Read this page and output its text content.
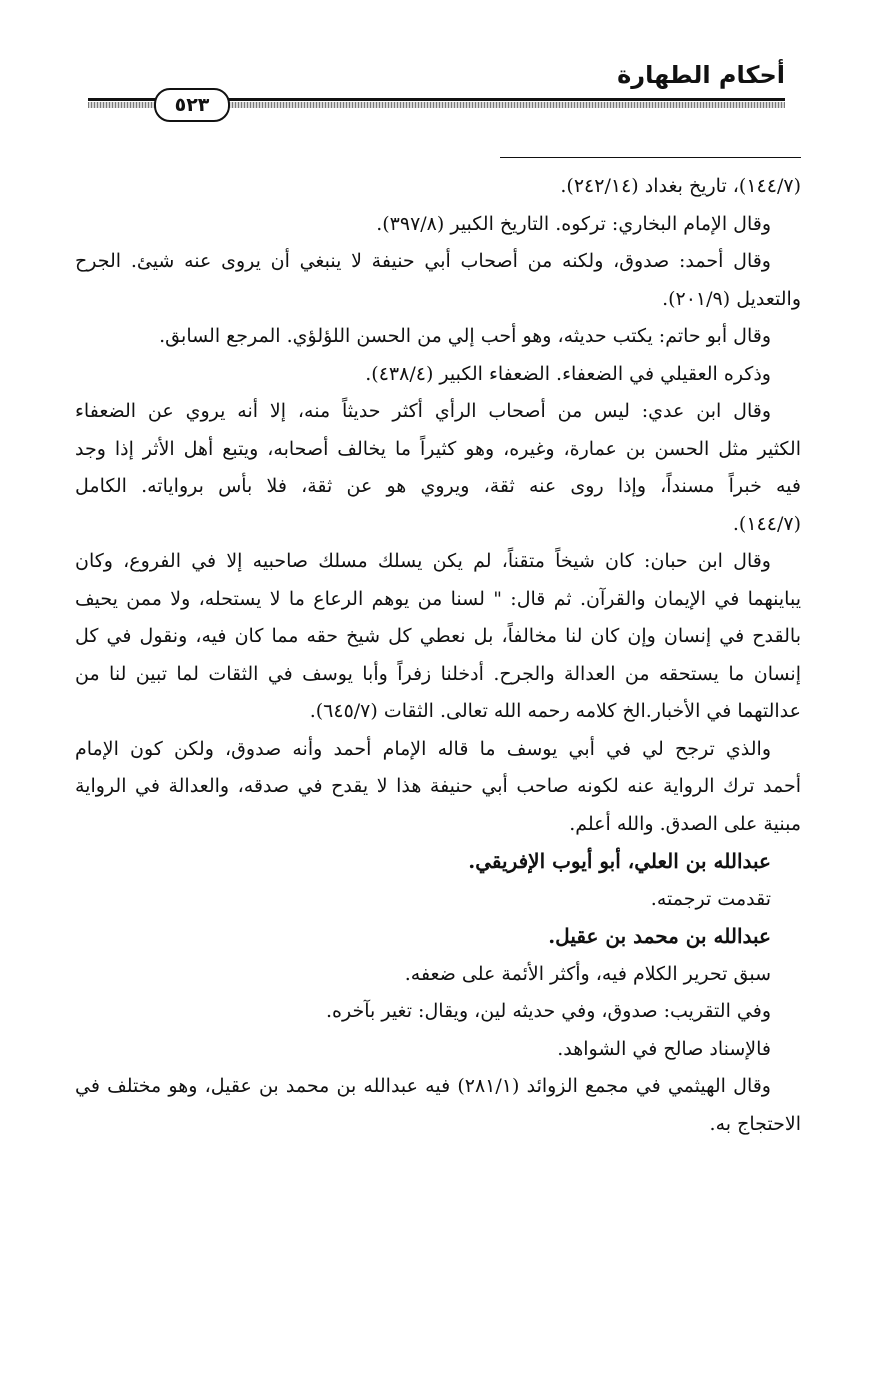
أحكام الطهارة
٥٢٣
(١٤٤/٧)، تاريخ بغداد (٢٤٢/١٤).
وقال الإمام البخاري: تركوه. التاريخ الكبير (٣٩٧/٨).
وقال أحمد: صدوق، ولكنه من أصحاب أبي حنيفة لا ينبغي أن يروى عنه شيئ. الجرح
والتعديل (٢٠١/٩).
وقال أبو حاتم: يكتب حديثه، وهو أحب إلي من الحسن اللؤلؤي. المرجع السابق.
وذكره العقيلي في الضعفاء. الضعفاء الكبير (٤٣٨/٤).
وقال ابن عدي: ليس من أصحاب الرأي أكثر حديثاً منه، إلا أنه يروي عن الضعفاء
الكثير مثل الحسن بن عمارة، وغيره، وهو كثيراً ما يخالف أصحابه، ويتبع أهل الأثر إذا وجد
فيه خبراً مسنداً، وإذا روى عنه ثقة، ويروي هو عن ثقة، فلا بأس برواياته. الكامل
(١٤٤/٧).
وقال ابن حبان: كان شيخاً متقناً، لم يكن يسلك مسلك صاحبيه إلا في الفروع، وكان
يباينهما في الإيمان والقرآن. ثم قال: " لسنا من يوهم الرعاع ما لا يستحله، ولا ممن يحيف
بالقدح في إنسان وإن كان لنا مخالفاً، بل نعطي كل شيخ حقه مما كان فيه، ونقول في كل
إنسان ما يستحقه من العدالة والجرح. أدخلنا زفراً وأبا يوسف في الثقات لما تبين لنا من
عدالتهما في الأخبار.الخ كلامه رحمه الله تعالى. الثقات (٦٤٥/٧).
والذي ترجح لي في أبي يوسف ما قاله الإمام أحمد وأنه صدوق، ولكن كون الإمام
أحمد ترك الرواية عنه لكونه صاحب أبي حنيفة هذا لا يقدح في صدقه، والعدالة في الرواية
مبنية على الصدق. والله أعلم.
عبدالله بن العلي، أبو أيوب الإفريقي.
تقدمت ترجمته.
عبدالله بن محمد بن عقيل.
سبق تحرير الكلام فيه، وأكثر الأئمة على ضعفه.
وفي التقريب: صدوق، وفي حديثه لين، ويقال: تغير بآخره.
فالإسناد صالح في الشواهد.
وقال الهيثمي في مجمع الزوائد (٢٨١/١) فيه عبدالله بن محمد بن عقيل، وهو مختلف في
الاحتجاج به.
